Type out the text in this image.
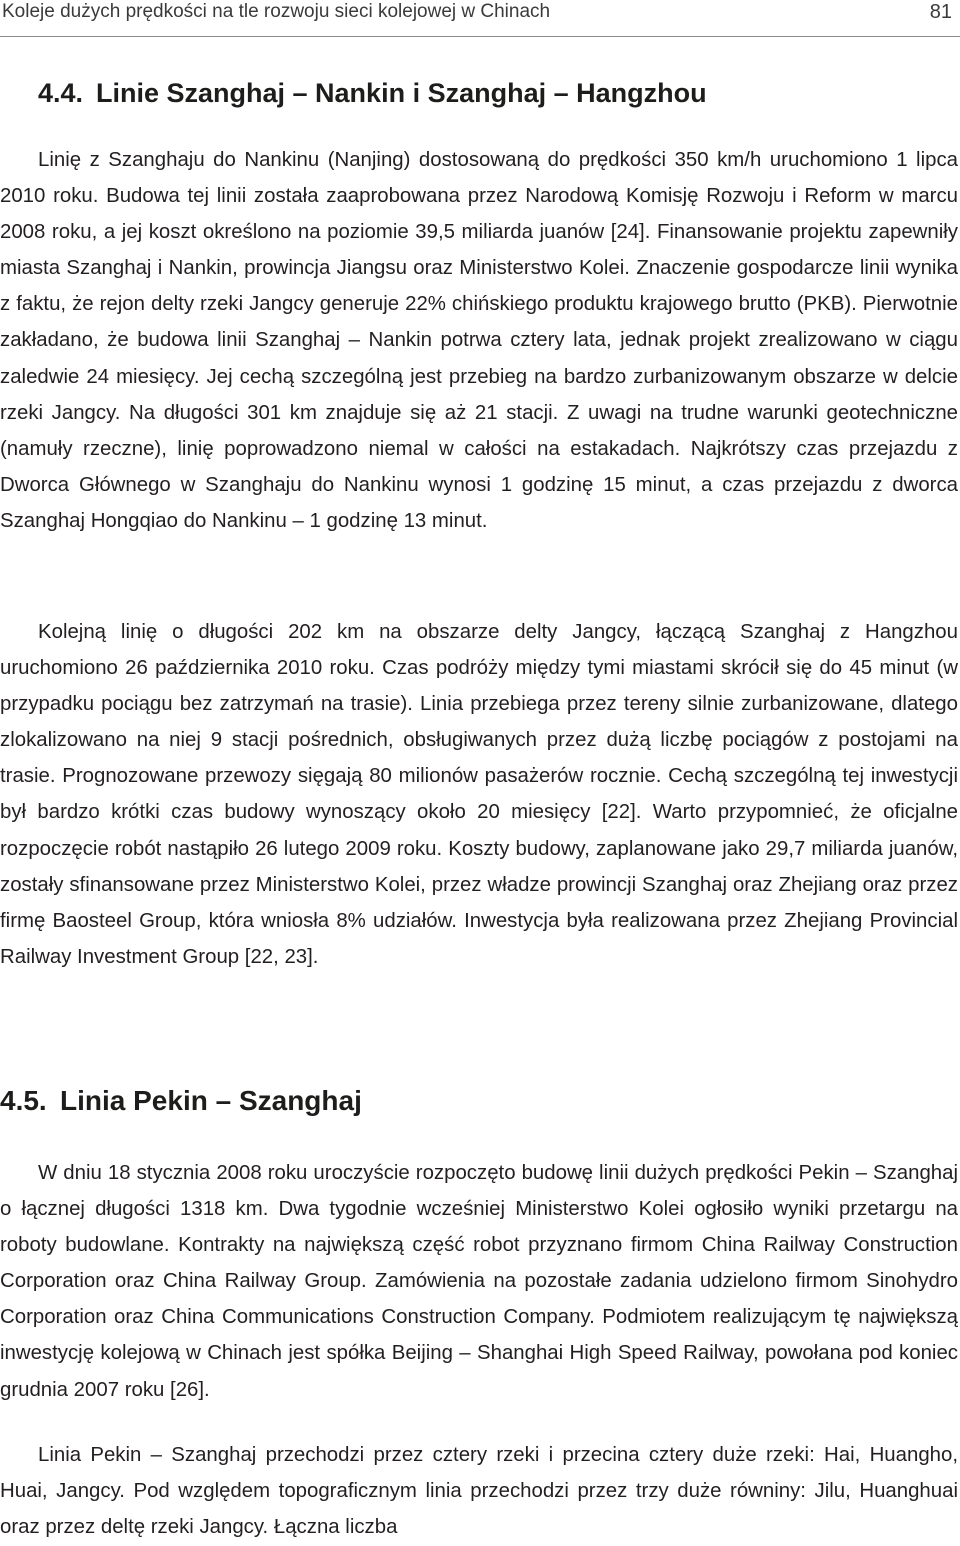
Koleje dużych prędkości na tle rozwoju sieci kolejowej w Chinach	81
4.4. Linie Szanghaj – Nankin i Szanghaj – Hangzhou

Linię z Szanghaju do Nankinu (Nanjing) dostosowaną do prędkości 350 km/h uruchomiono 1 lipca 2010 roku. Budowa tej linii została zaaprobowana przez Narodową Komisję Rozwoju i Reform w marcu 2008 roku, a jej koszt określono na poziomie 39,5 miliarda juanów [24]. Finansowanie projektu zapewniły miasta Szanghaj i Nankin, prowincja Jiangsu oraz Ministerstwo Kolei. Znaczenie gospodarcze linii wynika z faktu, że rejon delty rzeki Jangcy generuje 22% chińskiego produktu krajowego brutto (PKB). Pierwotnie zakładano, że budowa linii Szanghaj – Nankin potrwa cztery lata, jednak projekt zrealizowano w ciągu zaledwie 24 miesięcy. Jej cechą szczególną jest przebieg na bardzo zurbanizowanym obszarze w delcie rzeki Jangcy. Na długości 301 km znajduje się aż 21 stacji. Z uwagi na trudne warunki geotechniczne (namuły rzeczne), linię poprowadzono niemal w całości na estakadach. Najkrótszy czas przejazdu z Dworca Głównego w Szanghaju do Nankinu wynosi 1 godzinę 15 minut, a czas przejazdu z dworca Szanghaj Hongqiao do Nankinu – 1 godzinę 13 minut.

Kolejną linię o długości 202 km na obszarze delty Jangcy, łączącą Szanghaj z Hangzhou uruchomiono 26 października 2010 roku. Czas podróży między tymi miastami skrócił się do 45 minut (w przypadku pociągu bez zatrzymań na trasie). Linia przebiega przez tereny silnie zurbanizowane, dlatego zlokalizowano na niej 9 stacji pośrednich, obsługiwanych przez dużą liczbę pociągów z postojami na trasie. Prognozowane przewozy sięgają 80 milionów pasażerów rocznie. Cechą szczególną tej inwestycji był bardzo krótki czas budowy wynoszący około 20 miesięcy [22]. Warto przypomnieć, że oficjalne rozpoczęcie robót nastąpiło 26 lutego 2009 roku. Koszty budowy, zaplanowane jako 29,7 miliarda juanów, zostały sfinansowane przez Ministerstwo Kolei, przez władze prowincji Szanghaj oraz Zhejiang oraz przez firmę Baosteel Group, która wniosła 8% udziałów. Inwestycja była realizowana przez Zhejiang Provincial Railway Investment Group [22, 23].

4.5. Linia Pekin – Szanghaj

W dniu 18 stycznia 2008 roku uroczyście rozpoczęto budowę linii dużych prędkości Pekin – Szanghaj o łącznej długości 1318 km. Dwa tygodnie wcześniej Ministerstwo Kolei ogłosiło wyniki przetargu na roboty budowlane. Kontrakty na największą część robot przyznano firmom China Railway Construction Corporation oraz China Railway Group. Zamówienia na pozostałe zadania udzielono firmom Sinohydro Corporation oraz China Communications Construction Company. Podmiotem realizującym tę największą inwestycję kolejową w Chinach jest spółka Beijing – Shanghai High Speed Railway, powołana pod koniec grudnia 2007 roku [26].

Linia Pekin – Szanghaj przechodzi przez cztery rzeki i przecina cztery duże rzeki: Hai, Huangho, Huai, Jangcy. Pod względem topograficznym linia przechodzi przez trzy duże równiny: Jilu, Huanghuai oraz przez deltę rzeki Jangcy. Łączna liczba
